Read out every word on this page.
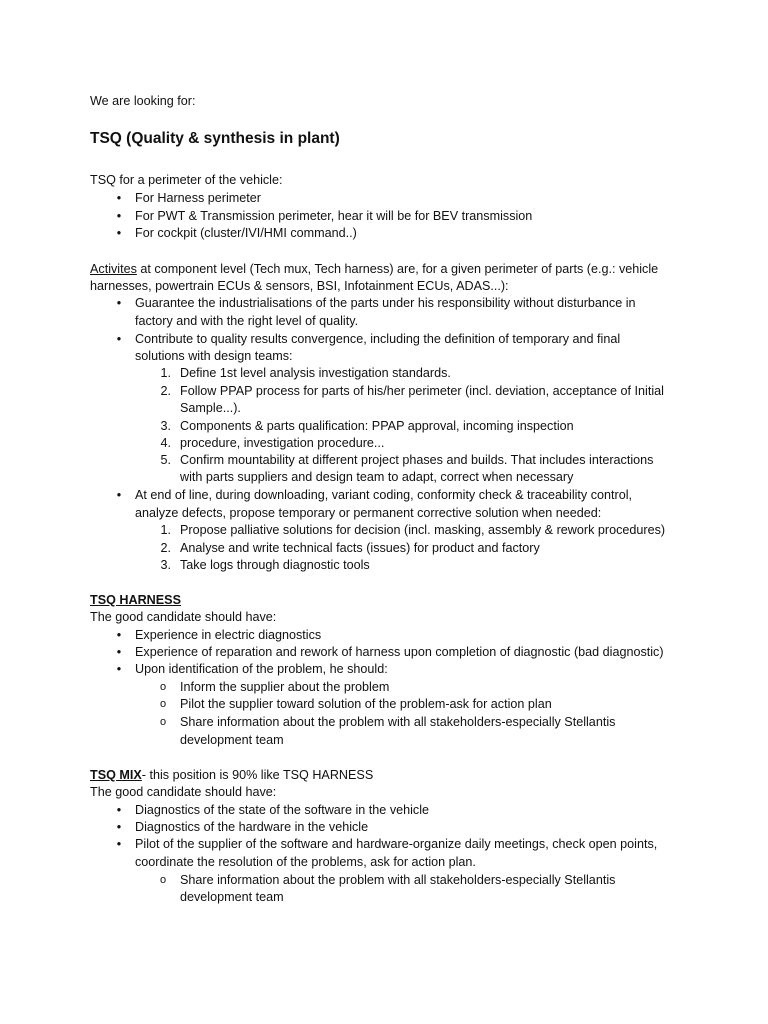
We are looking for:
TSQ (Quality & synthesis in plant)
TSQ for a perimeter of the vehicle:
•	For Harness perimeter
•	For PWT & Transmission perimeter, hear it will be for BEV transmission
•	For cockpit (cluster/IVI/HMI command..)
Activites at component level (Tech mux, Tech harness) are, for a given perimeter of parts (e.g.: vehicle
harnesses, powertrain ECUs & sensors, BSI, Infotainment ECUs, ADAS...):
•	Guarantee the industrialisations of the parts under his responsibility without disturbance in
factory and with the right level of quality.
•	Contribute to quality results convergence, including the definition of temporary and final
solutions with design teams:
1. Define 1st level analysis investigation standards.
2. Follow PPAP process for parts of his/her perimeter (incl. deviation, acceptance of Initial
Sample...).
3. Components & parts qualification: PPAP approval, incoming inspection
4. procedure, investigation procedure...
5. Confirm mountability at different project phases and builds. That includes interactions
with parts suppliers and design team to adapt, correct when necessary
•	At end of line, during downloading, variant coding, conformity check & traceability control,
analyze defects, propose temporary or permanent corrective solution when needed:
1. Propose palliative solutions for decision (incl. masking, assembly & rework procedures)
2. Analyse and write technical facts (issues) for product and factory
3. Take logs through diagnostic tools
TSQ HARNESS
The good candidate should have:
•	Experience in electric diagnostics
•	Experience of reparation and rework of harness upon completion of diagnostic (bad diagnostic)
•	Upon identification of the problem, he should:
o	Inform the supplier about the problem
o	Pilot the supplier toward solution of the problem-ask for action plan
o	Share information about the problem with all stakeholders-especially Stellantis
development team
TSQ MIX- this position is 90% like TSQ HARNESS
The good candidate should have:
•	Diagnostics of the state of the software in the vehicle
•	Diagnostics of the hardware in the vehicle
•	Pilot of the supplier of the software and hardware-organize daily meetings, check open points,
coordinate the resolution of the problems, ask for action plan.
o	Share information about the problem with all stakeholders-especially Stellantis
development team
